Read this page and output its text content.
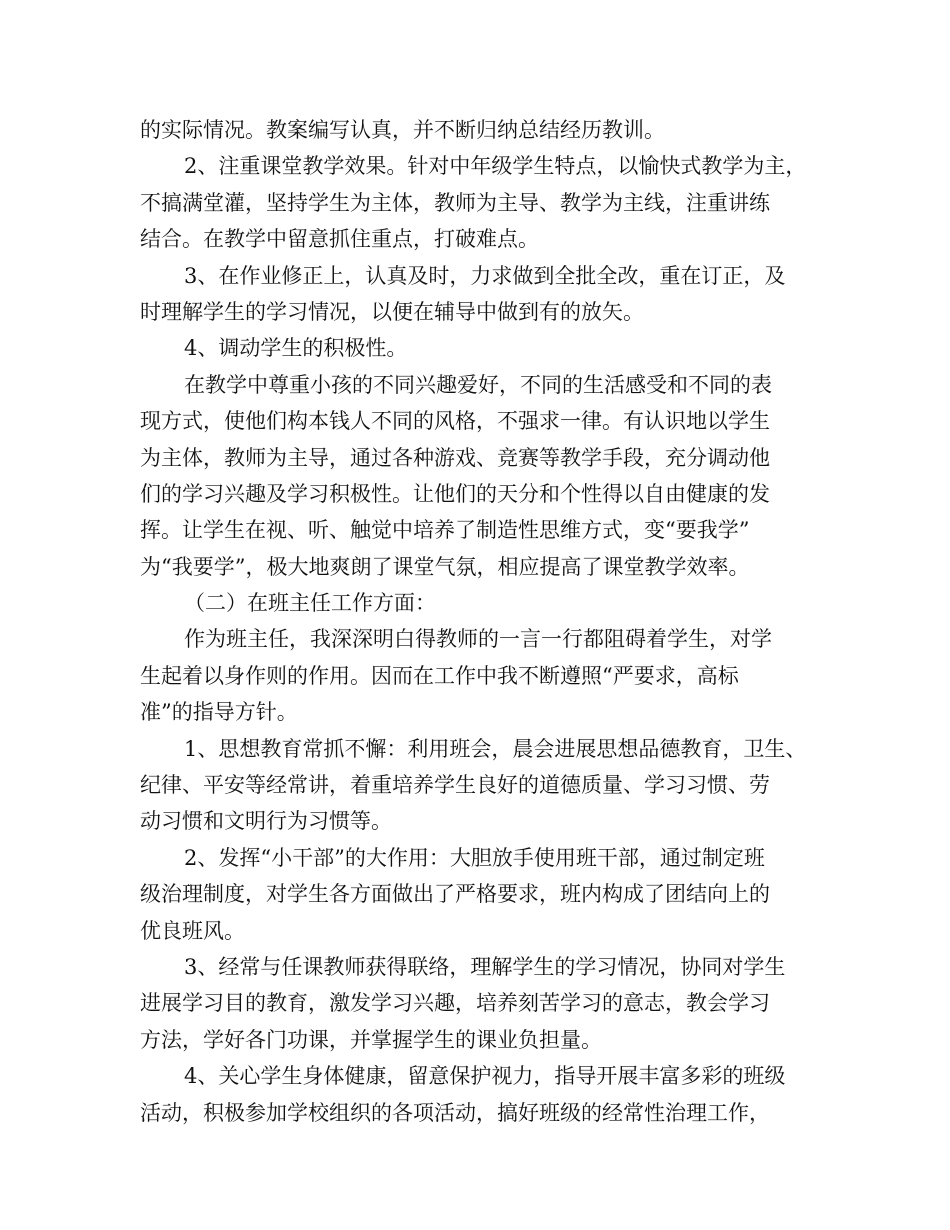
的实际情况。教案编写认真，并不断归纳总结经历教训。
2、注重课堂教学效果。针对中年级学生特点，以愉快式教学为主，
不搞满堂灌，坚持学生为主体，教师为主导、教学为主线，注重讲练
结合。在教学中留意抓住重点，打破难点。
3、在作业修正上，认真及时，力求做到全批全改，重在订正，及
时理解学生的学习情况，以便在辅导中做到有的放矢。
4、调动学生的积极性。
在教学中尊重小孩的不同兴趣爱好，不同的生活感受和不同的表
现方式，使他们构本钱人不同的风格，不强求一律。有认识地以学生
为主体，教师为主导，通过各种游戏、竞赛等教学手段，充分调动他
们的学习兴趣及学习积极性。让他们的天分和个性得以自由健康的发
挥。让学生在视、听、触觉中培养了制造性思维方式，变“要我学”
为“我要学”，极大地爽朗了课堂气氛，相应提高了课堂教学效率。
（二）在班主任工作方面：
作为班主任，我深深明白得教师的一言一行都阻碍着学生，对学
生起着以身作则的作用。因而在工作中我不断遵照“严要求，高标
准”的指导方针。
1、思想教育常抓不懈：利用班会，晨会进展思想品德教育，卫生、
纪律、平安等经常讲，着重培养学生良好的道德质量、学习习惯、劳
动习惯和文明行为习惯等。
2、发挥“小干部”的大作用：大胆放手使用班干部，通过制定班
级治理制度，对学生各方面做出了严格要求，班内构成了团结向上的
优良班风。
3、经常与任课教师获得联络，理解学生的学习情况，协同对学生
进展学习目的教育，激发学习兴趣，培养刻苦学习的意志，教会学习
方法，学好各门功课，并掌握学生的课业负担量。
4、关心学生身体健康，留意保护视力，指导开展丰富多彩的班级
活动，积极参加学校组织的各项活动，搞好班级的经常性治理工作，
